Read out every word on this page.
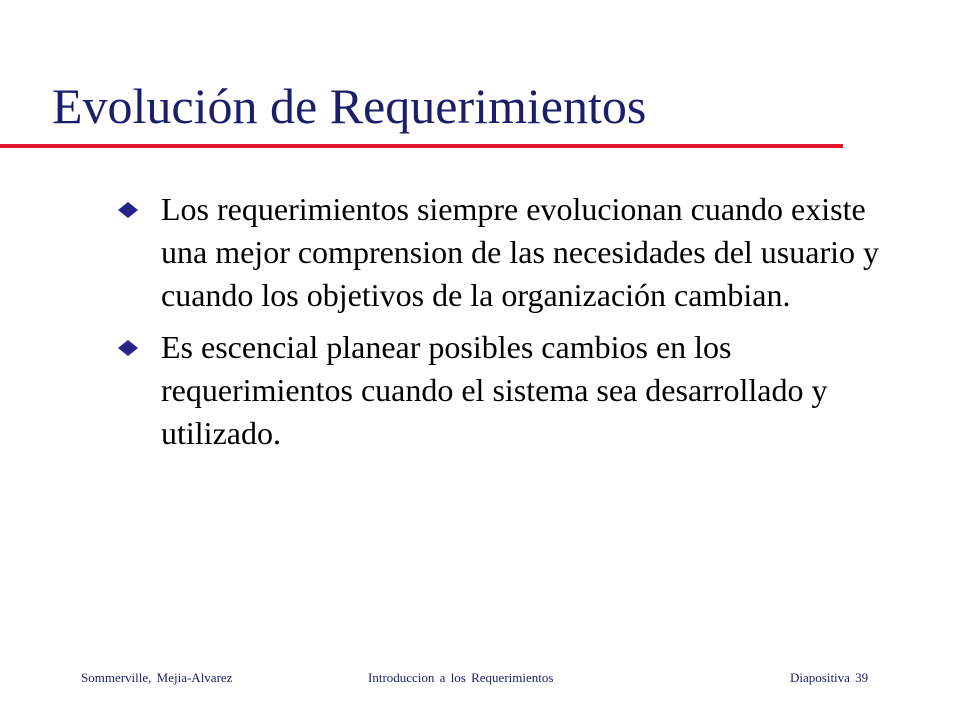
Evolución de Requerimientos
Los requerimientos siempre evolucionan cuando existe una mejor comprension de las necesidades del usuario y cuando los objetivos de la organización cambian.
Es escencial planear posibles cambios en los requerimientos cuando el sistema sea desarrollado y utilizado.
Sommerville, Mejia-Alvarez	Introduccion a los Requerimientos	Diapositiva 39
